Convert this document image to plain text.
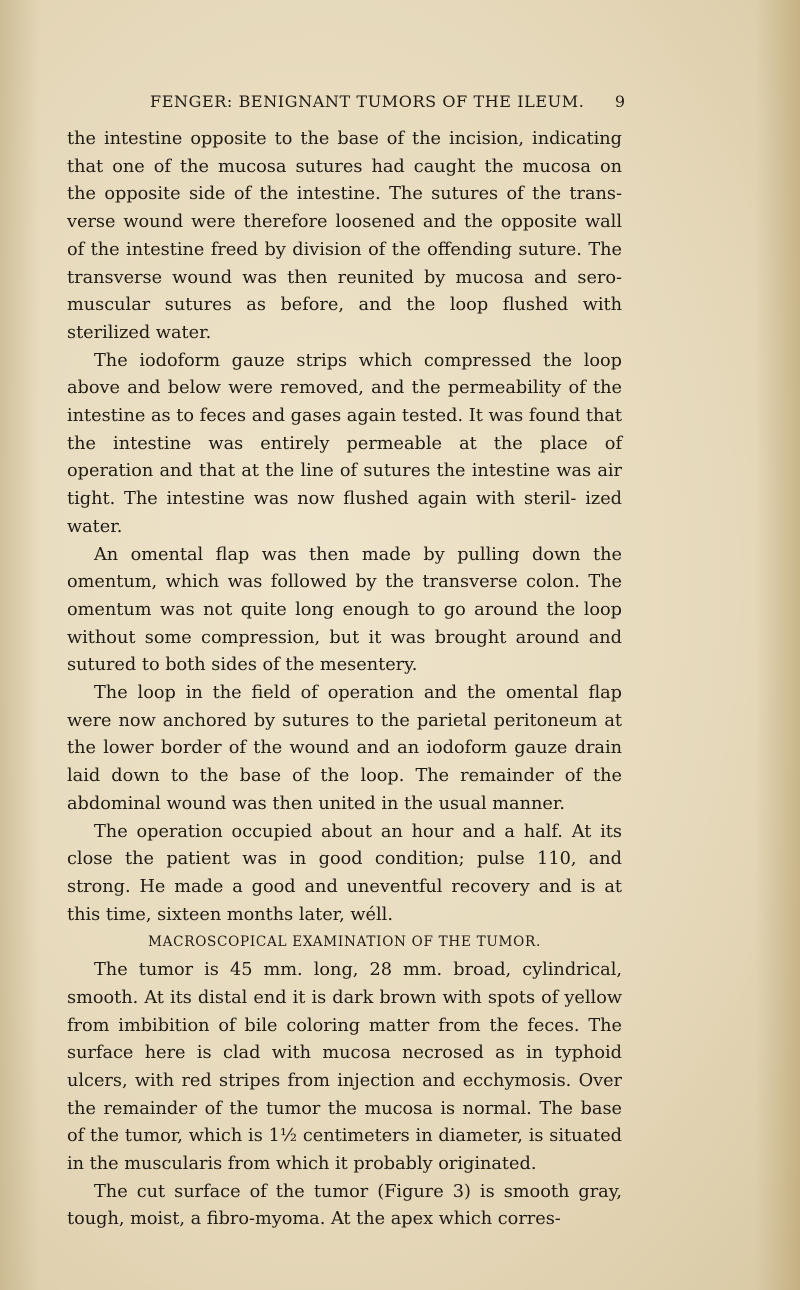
FENGER: BENIGNANT TUMORS OF THE ILEUM. 9

the intestine opposite to the base of the incision, indicating that one of the mucosa sutures had caught the mucosa on the opposite side of the intestine. The sutures of the trans- verse wound were therefore loosened and the opposite wall of the intestine freed by division of the offending suture. The transverse wound was then reunited by mucosa and sero-muscular sutures as before, and the loop flushed with sterilized water.

The iodoform gauze strips which compressed the loop above and below were removed, and the permeability of the intestine as to feces and gases again tested. It was found that the intestine was entirely permeable at the place of operation and that at the line of sutures the intestine was air tight. The intestine was now flushed again with steril- ized water.

An omental flap was then made by pulling down the omentum, which was followed by the transverse colon. The omentum was not quite long enough to go around the loop without some compression, but it was brought around and sutured to both sides of the mesentery.

The loop in the field of operation and the omental flap were now anchored by sutures to the parietal peritoneum at the lower border of the wound and an iodoform gauze drain laid down to the base of the loop. The remainder of the abdominal wound was then united in the usual manner.

The operation occupied about an hour and a half. At its close the patient was in good condition; pulse 110, and strong. He made a good and uneventful recovery and is at this time, sixteen months later, wéll.

MACROSCOPICAL EXAMINATION OF THE TUMOR.

The tumor is 45 mm. long, 28 mm. broad, cylindrical, smooth. At its distal end it is dark brown with spots of yellow from imbibition of bile coloring matter from the feces. The surface here is clad with mucosa necrosed as in typhoid ulcers, with red stripes from injection and ecchymosis. Over the remainder of the tumor the mucosa is normal. The base of the tumor, which is 1½ centimeters in diameter, is situated in the muscularis from which it probably originated.

The cut surface of the tumor (Figure 3) is smooth gray, tough, moist, a fibro-myoma. At the apex which corres-
